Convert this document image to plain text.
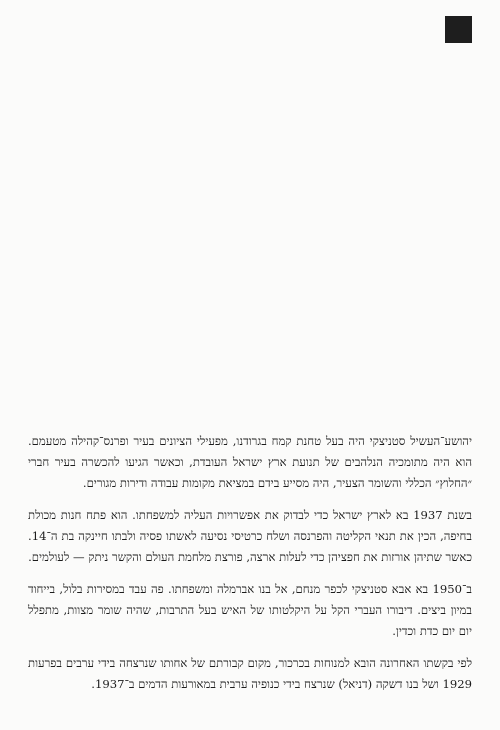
יהושע־העשיל סטניצקי היה בעל טחנת קמח בגרודנו, מפעילי הציונים בעיר ופרנס־קהילה מטעמם. הוא היה מתומכיה הנלהבים של תנועת ארץ ישראל העובדת, וכאשר הגיעו להכשרה בעיר חברי ״החלוץ״ הכללי והשומר הצעיר, היה מסייע בידם במציאת מקומות עבודה ודירות מגורים.

בשנת 1937 בא לארץ ישראל כדי לבדוק את אפשרויות העליה למשפחתו. הוא פתח חנות מכולת בחיפה, הכין את תנאי הקליטה והפרנסה ושלח כרטיסי נסיעה לאשתו פסיה ולבתו חיינקה בת ה־14. כאשר שתיהן אורזות את חפציהן כדי לעלות ארצה, פורצת מלחמת העולם והקשר ניתק — לעולמים.

ב־1950 בא אבא סטניצקי לכפר מנחם, אל בנו אברמלה ומשפחתו. פה עבד במסירות בלול, בייחוד במיון ביצים. דיבורו העברי הקל על היקלטותו של האיש בעל התרבות, שהיה שומר מצוות, מתפלל יום יום כדת וכדין.

לפי בקשתו האחרונה הובא למנוחות בכרכור, מקום קבורתם של אחותו שנרצחה בידי ערבים בפרעות 1929 ושל בנו דשקה (דניאל) שנרצח בידי כנופיה ערבית במאורעות הדמים ב־1937.
